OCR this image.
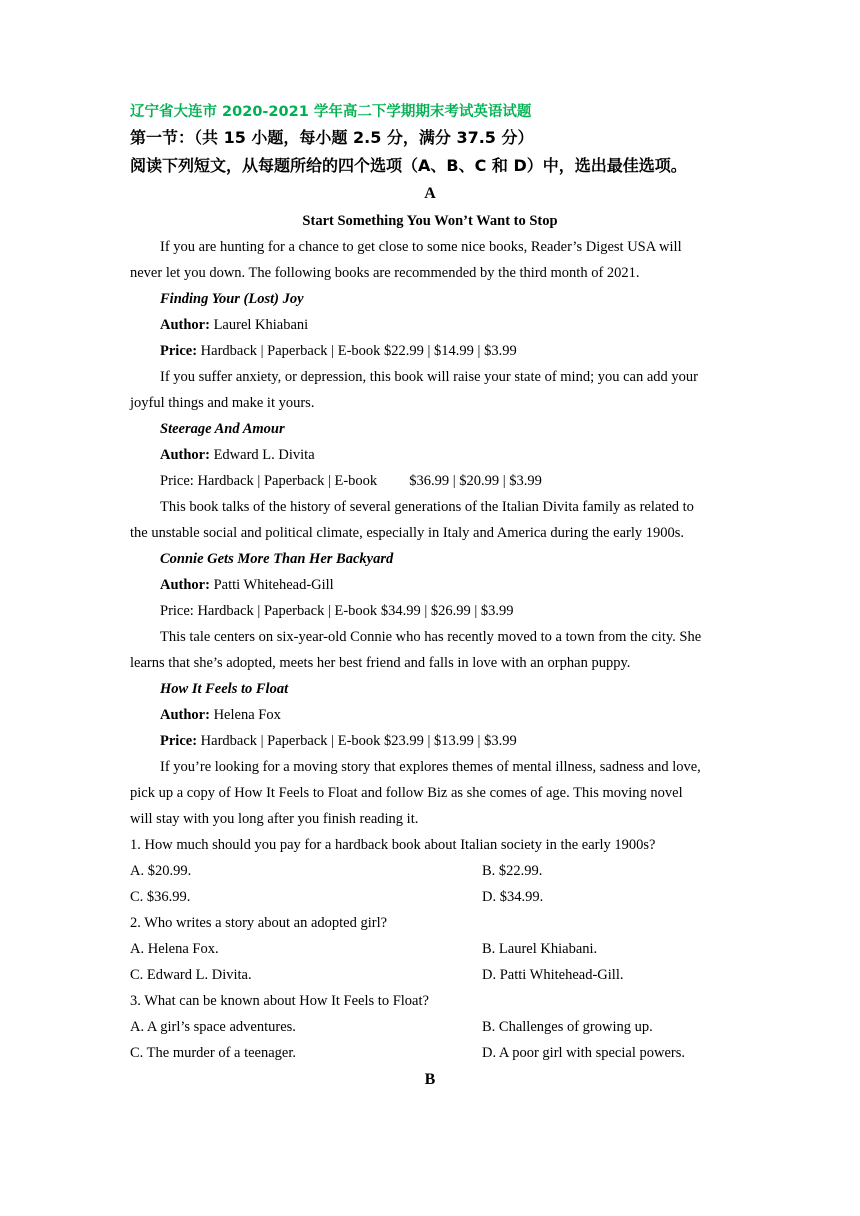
辽宁省大连市 2020-2021 学年高二下学期期末考试英语试题
第一节：（共 15 小题，每小题 2.5 分，满分 37.5 分）
阅读下列短文，从每题所给的四个选项（A、B、C 和 D）中，选出最佳选项。
A
Start Something You Won’t Want to Stop
If you are hunting for a chance to get close to some nice books, Reader’s Digest USA will
never let you down. The following books are recommended by the third month of 2021.
Finding Your (Lost) Joy
Author: Laurel Khiabani
Price: Hardback | Paperback | E-book $22.99 | $14.99 | $3.99
If you suffer anxiety, or depression, this book will raise your state of mind; you can add your
joyful things and make it yours.
Steerage And Amour
Author: Edward L. Divita
Price: Hardback | Paperback | E-book $36.99 | $20.99 | $3.99
This book talks of the history of several generations of the Italian Divita family as related to
the unstable social and political climate, especially in Italy and America during the early 1900s.
Connie Gets More Than Her Backyard
Author: Patti Whitehead-Gill
Price: Hardback | Paperback | E-book $34.99 | $26.99 | $3.99
This tale centers on six-year-old Connie who has recently moved to a town from the city. She
learns that she’s adopted, meets her best friend and falls in love with an orphan puppy.
How It Feels to Float
Author: Helena Fox
Price: Hardback | Paperback | E-book $23.99 | $13.99 | $3.99
If you’re looking for a moving story that explores themes of mental illness, sadness and love,
pick up a copy of How It Feels to Float and follow Biz as she comes of age. This moving novel
will stay with you long after you finish reading it.
1. How much should you pay for a hardback book about Italian society in the early 1900s?
A. $20.99.	B. $22.99.
C. $36.99.	D. $34.99.
2. Who writes a story about an adopted girl?
A. Helena Fox.	B. Laurel Khiabani.
C. Edward L. Divita.	D. Patti Whitehead-Gill.
3. What can be known about How It Feels to Float?
A. A girl’s space adventures.	B. Challenges of growing up.
C. The murder of a teenager.	D. A poor girl with special powers.
B
